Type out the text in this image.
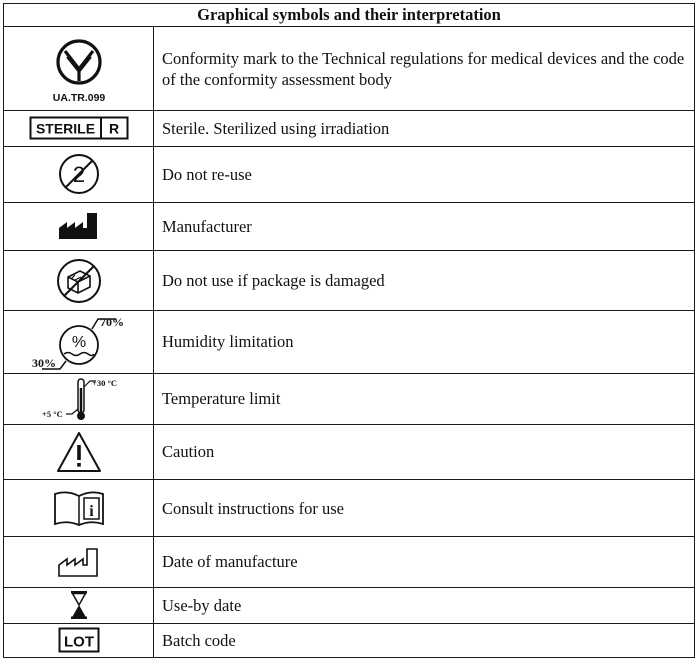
Graphical symbols and their interpretation	

UA.TR.099	Conformity mark to the Technical regulations for medical devices and the code of the conformity assessment body

STERILE R	Sterile. Sterilized using irradiation

2	Do not re-use
	Manufacturer
	Do not use if package is damaged

%
70%
30%	Humidity limitation

+30 °C
+5 °C	Temperature limit
	Caution

i	Consult instructions for use
	Date of manufacture
	Use-by date

LOT	Batch code
